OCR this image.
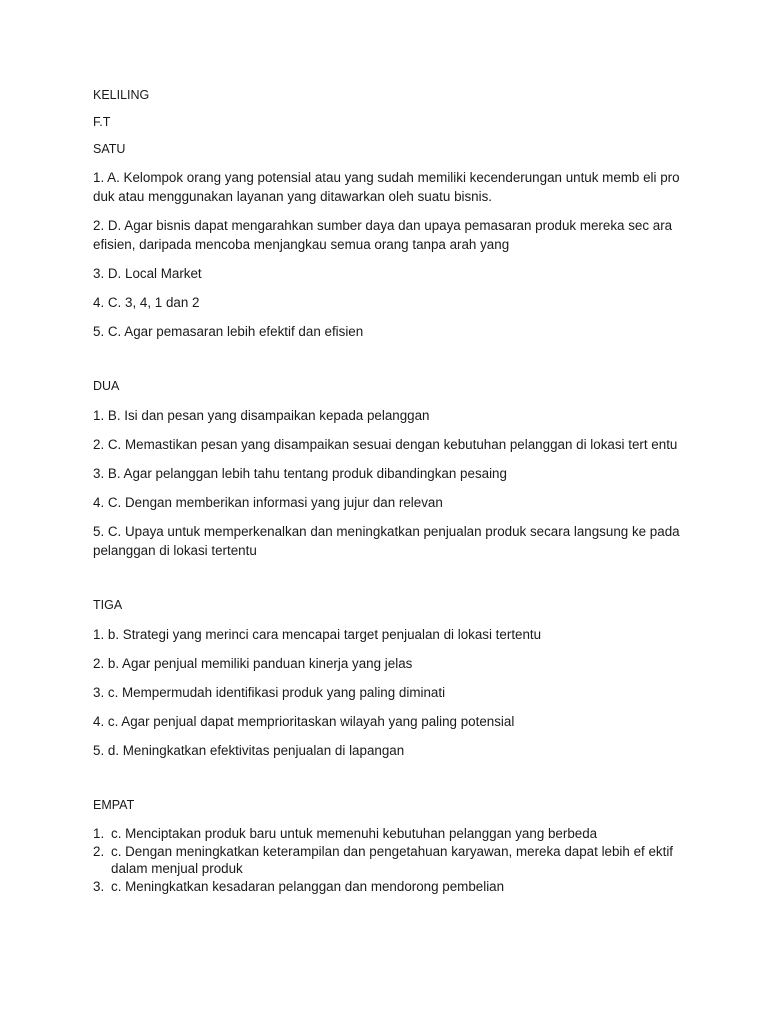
KELILING

F.T

SATU

1. A. Kelompok orang yang potensial atau yang sudah memiliki kecenderungan untuk memb eli produk atau menggunakan layanan yang ditawarkan oleh suatu bisnis.

2. D. Agar bisnis dapat mengarahkan sumber daya dan upaya pemasaran produk mereka sec ara efisien, daripada mencoba menjangkau semua orang tanpa arah yang

3. D. Local Market

4. C. 3, 4, 1 dan 2

5. C. Agar pemasaran lebih efektif dan efisien

DUA

1. B. Isi dan pesan yang disampaikan kepada pelanggan

2. C. Memastikan pesan yang disampaikan sesuai dengan kebutuhan pelanggan di lokasi tert entu

3. B. Agar pelanggan lebih tahu tentang produk dibandingkan pesaing

4. C. Dengan memberikan informasi yang jujur dan relevan

5. C. Upaya untuk memperkenalkan dan meningkatkan penjualan produk secara langsung ke pada pelanggan di lokasi tertentu

TIGA

1. b. Strategi yang merinci cara mencapai target penjualan di lokasi tertentu

2. b. Agar penjual memiliki panduan kinerja yang jelas

3. c. Mempermudah identifikasi produk yang paling diminati

4. c. Agar penjual dapat memprioritaskan wilayah yang paling potensial

5. d. Meningkatkan efektivitas penjualan di lapangan

EMPAT

1. c. Menciptakan produk baru untuk memenuhi kebutuhan pelanggan yang berbeda
2. c. Dengan meningkatkan keterampilan dan pengetahuan karyawan, mereka dapat lebih ef ektif dalam menjual produk
3. c. Meningkatkan kesadaran pelanggan dan mendorong pembelian
